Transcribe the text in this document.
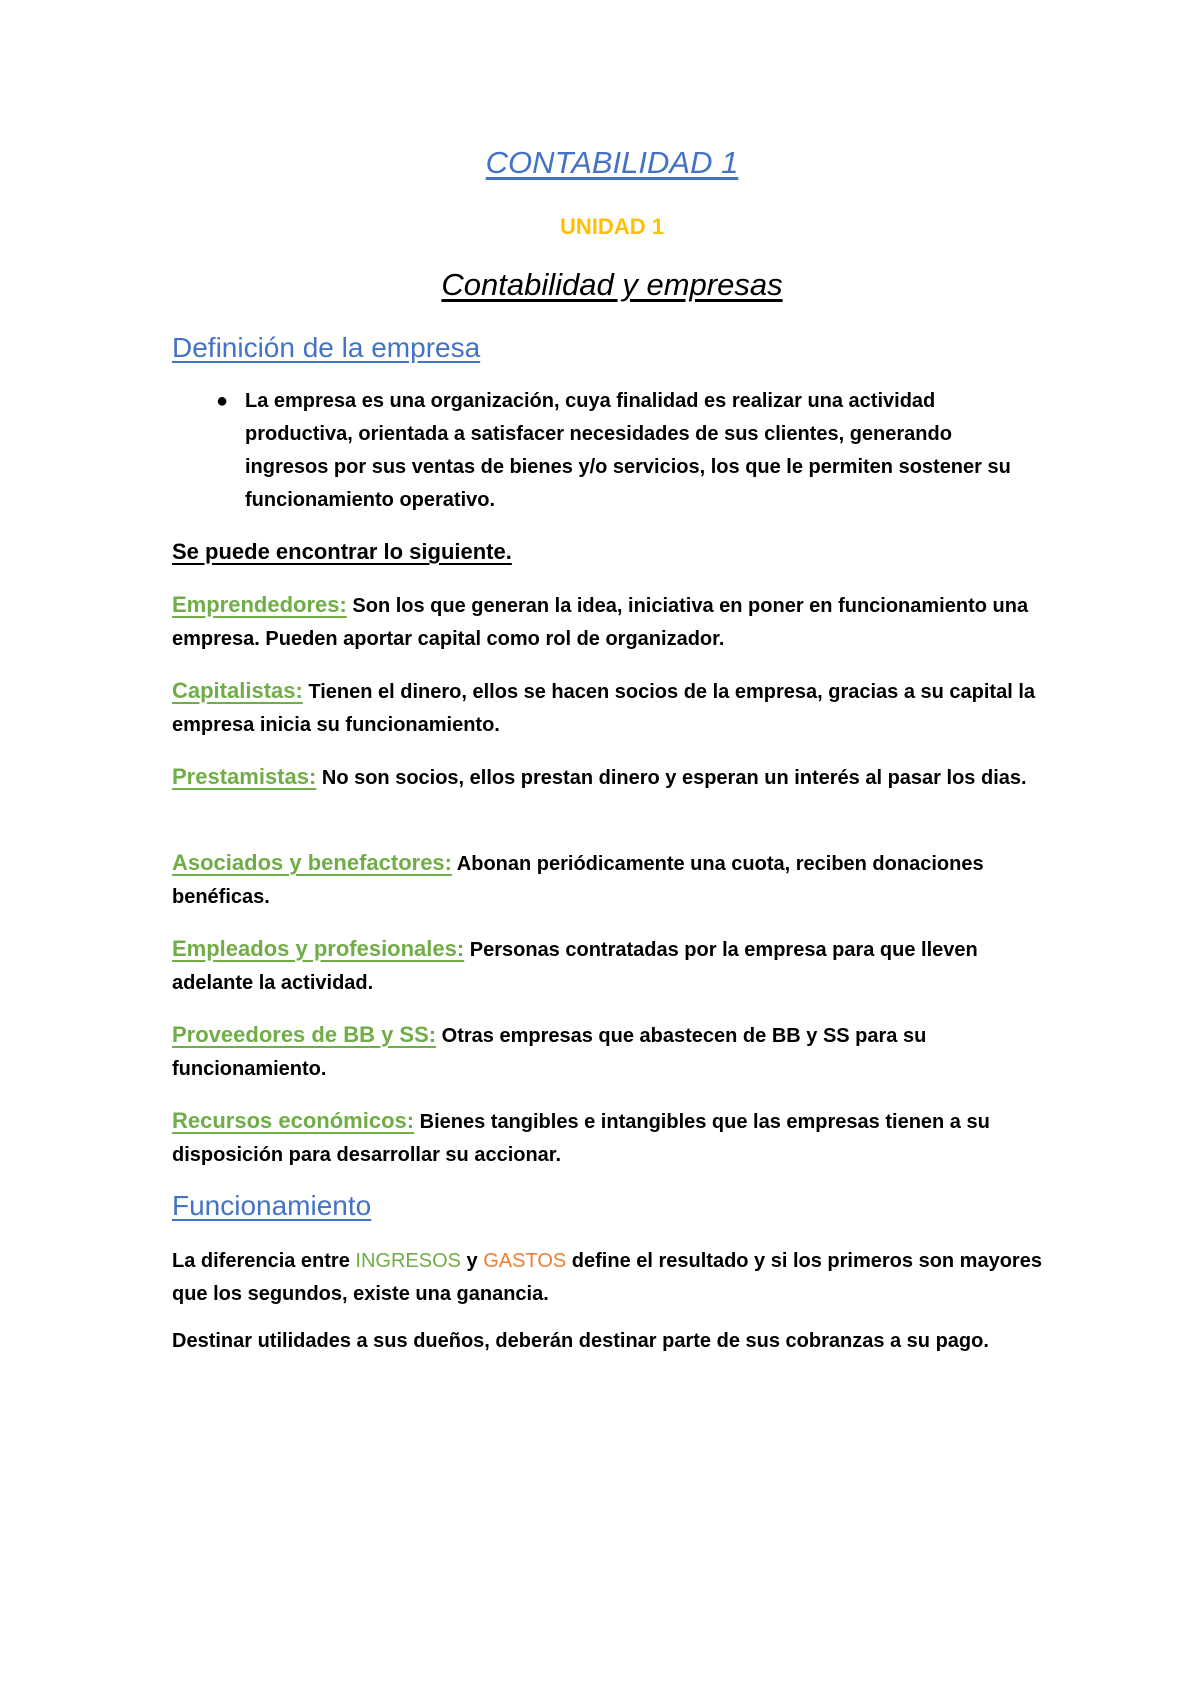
CONTABILIDAD 1
UNIDAD 1
Contabilidad y empresas
Definición de la empresa
● La empresa es una organización, cuya finalidad es realizar una actividad productiva, orientada a satisfacer necesidades de sus clientes, generando ingresos por sus ventas de bienes y/o servicios, los que le permiten sostener su funcionamiento operativo.
Se puede encontrar lo siguiente.
Emprendedores: Son los que generan la idea, iniciativa en poner en funcionamiento una empresa. Pueden aportar capital como rol de organizador.
Capitalistas: Tienen el dinero, ellos se hacen socios de la empresa, gracias a su capital la empresa inicia su funcionamiento.
Prestamistas: No son socios, ellos prestan dinero y esperan un interés al pasar los dias.
Asociados y benefactores: Abonan periódicamente una cuota, reciben donaciones benéficas.
Empleados y profesionales: Personas contratadas por la empresa para que lleven adelante la actividad.
Proveedores de BB y SS: Otras empresas que abastecen de BB y SS para su funcionamiento.
Recursos económicos: Bienes tangibles e intangibles que las empresas tienen a su disposición para desarrollar su accionar.
Funcionamiento
La diferencia entre INGRESOS y GASTOS define el resultado y si los primeros son mayores que los segundos, existe una ganancia.
Destinar utilidades a sus dueños, deberán destinar parte de sus cobranzas a su pago.
